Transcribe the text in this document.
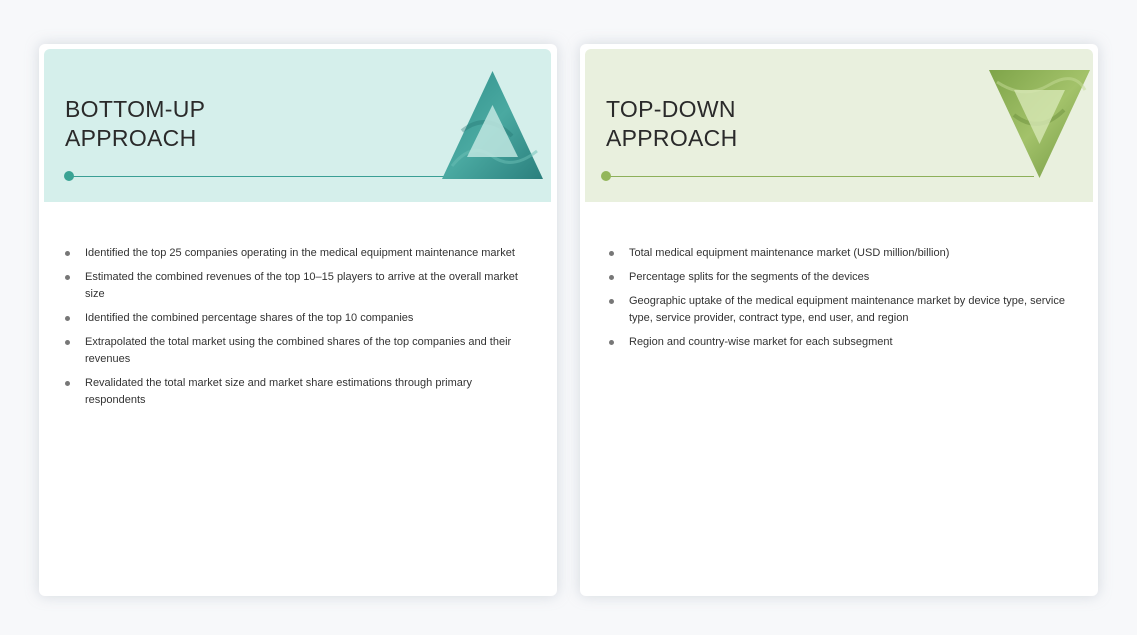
BOTTOM-UP
APPROACH
Identified the top 25 companies operating in the medical equipment maintenance market
Estimated the combined revenues of the top 10–15 players to arrive at the overall market size
Identified the combined percentage shares of the top 10 companies
Extrapolated the total market using the combined shares of the top companies and their revenues
Revalidated the total market size and market share estimations through primary respondents
TOP-DOWN
APPROACH
Total medical equipment maintenance market (USD million/billion)
Percentage splits for the segments of the devices
Geographic uptake of the medical equipment maintenance market by device type, service type, service provider, contract type, end user, and region
Region and country-wise market for each subsegment
